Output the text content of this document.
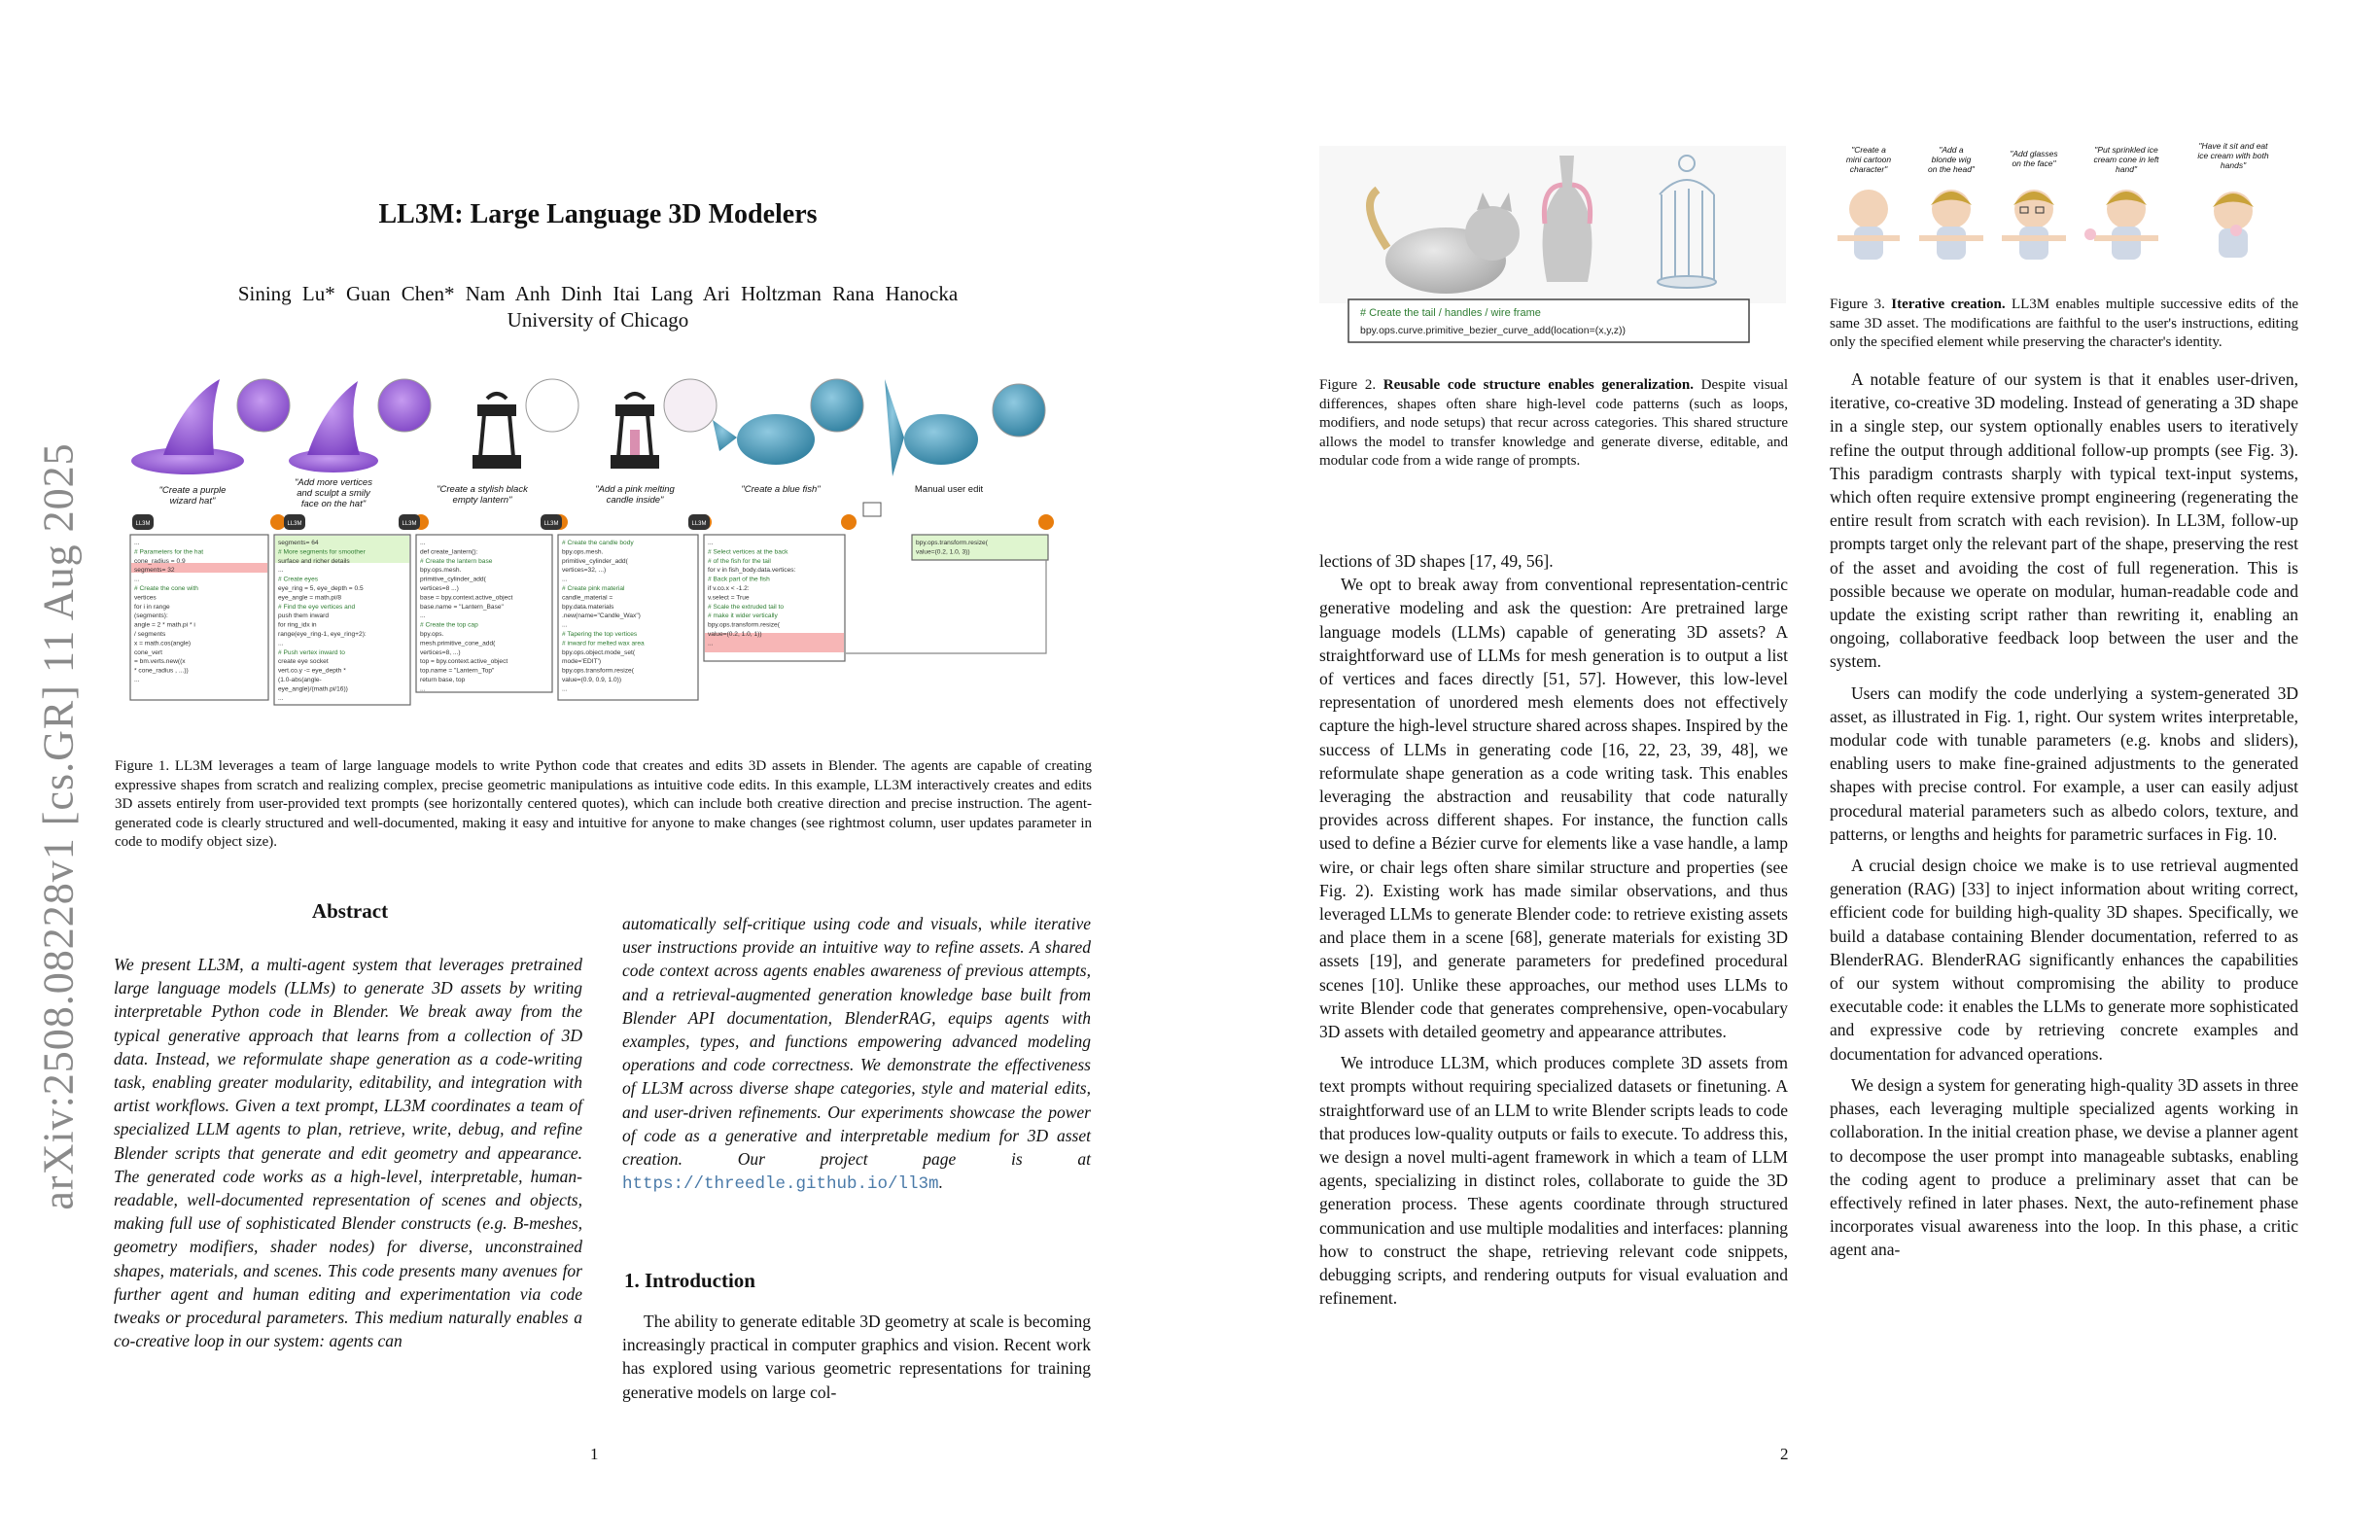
arXiv:2508.08228v1 [cs.GR] 11 Aug 2025
LL3M: Large Language 3D Modelers
Sining Lu* Guan Chen* Nam Anh Dinh Itai Lang Ari Holtzman Rana Hanocka
University of Chicago
"Create a purple
wizard hat"
"Add more vertices
and sculpt a smily
face on the hat"
"Create a stylish black
empty lantern"
"Add a pink melting
candle inside"
"Create a blue fish"	Manual user edit
LL3M	LL3M	LL3M	LL3M	LL3M
...
# Parameters for the hat
cone_radius = 0.9
segments= 32
...
# Create the cone with
vertices
for i in range
(segments):
angle = 2 * math.pi * i
/ segments
x = math.cos(angle)
cone_vert
= bm.verts.new((x
* cone_radius , ...))
...
segments= 64
# More segments for smoother
surface and richer details
...
# Create eyes
eye_ring = 5, eye_depth = 0.5
eye_angle = math.pi/8
# Find the eye vertices and
push them inward
for ring_idx in
range(eye_ring-1, eye_ring+2):
...
# Push vertex inward to
create eye socket
vert.co.y -= eye_depth *
(1.0-abs(angle-
eye_angle)/(math.pi/16))
...
...
def create_lantern():
# Create the lantern base
bpy.ops.mesh.
primitive_cylinder_add(
vertices=8 ...)
base = bpy.context.active_object
base.name = "Lantern_Base"
...
# Create the top cap
bpy.ops.
mesh.primitive_cone_add(
vertices=8, ...)
top = bpy.context.active_object
top.name = "Lantern_Top"
return base, top
...
# Create the candle body
bpy.ops.mesh.
primitive_cylinder_add(
vertices=32, ...)
...
# Create pink material
candle_material =
bpy.data.materials
.new(name="Candle_Wax")
...
# Tapering the top vertices
# inward for melted wax area
bpy.ops.object.mode_set(
mode='EDIT')
bpy.ops.transform.resize(
value=(0.9, 0.9, 1.0))
...
...
# Select vertices at the back
# of the fish for the tail
for v in fish_body.data.vertices:
# Back part of the fish
if v.co.x < -1.2:
v.select = True
# Scale the extruded tail to
# make it wider vertically
bpy.ops.transform.resize(
value=(0.2, 1.0, 1))
...
bpy.ops.transform.resize(
value=(0.2, 1.0, 3))
Figure 1. LL3M leverages a team of large language models to write Python code that creates and edits 3D assets in Blender. The agents are capable of creating expressive shapes from scratch and realizing complex, precise geometric manipulations as intuitive code edits. In this example, LL3M interactively creates and edits 3D assets entirely from user-provided text prompts (see horizontally centered quotes), which can include both creative direction and precise instruction. The agent-generated code is clearly structured and well-documented, making it easy and intuitive for anyone to make changes (see rightmost column, user updates parameter in code to modify object size).
Abstract
We present LL3M, a multi-agent system that leverages pretrained large language models (LLMs) to generate 3D assets by writing interpretable Python code in Blender. We break away from the typical generative approach that learns from a collection of 3D data. Instead, we reformulate shape generation as a code-writing task, enabling greater modularity, editability, and integration with artist workflows. Given a text prompt, LL3M coordinates a team of specialized LLM agents to plan, retrieve, write, debug, and refine Blender scripts that generate and edit geometry and appearance. The generated code works as a high-level, interpretable, human-readable, well-documented representation of scenes and objects, making full use of sophisticated Blender constructs (e.g. B-meshes, geometry modifiers, shader nodes) for diverse, unconstrained shapes, materials, and scenes. This code presents many avenues for further agent and human editing and experimentation via code tweaks or procedural parameters. This medium naturally enables a co-creative loop in our system: agents can
automatically self-critique using code and visuals, while iterative user instructions provide an intuitive way to refine assets. A shared code context across agents enables awareness of previous attempts, and a retrieval-augmented generation knowledge base built from Blender API documentation, BlenderRAG, equips agents with examples, types, and functions empowering advanced modeling operations and code correctness. We demonstrate the effectiveness of LL3M across diverse shape categories, style and material edits, and user-driven refinements. Our experiments showcase the power of code as a generative and interpretable medium for 3D asset creation. Our project page is at https://threedle.github.io/ll3m.
1. Introduction

The ability to generate editable 3D geometry at scale is becoming increasingly practical in computer graphics and vision. Recent work has explored using various geometric representations for training generative models on large col-

1
# Create the tail / handles / wire frame
bpy.ops.curve.primitive_bezier_curve_add(location=(x,y,z))
Figure 2. Reusable code structure enables generalization. Despite visual differences, shapes often share high-level code patterns (such as loops, modifiers, and node setups) that recur across categories. This shared structure allows the model to transfer knowledge and generate diverse, editable, and modular code from a wide range of prompts.
"Create a
mini cartoon
character"
"Add a
blonde wig
on the head"
"Add glasses
on the face"
"Put sprinkled ice
cream cone in left
hand"
"Have it sit and eat
ice cream with both
hands"
Figure 3. Iterative creation. LL3M enables multiple successive edits of the same 3D asset. The modifications are faithful to the user's instructions, editing only the specified element while preserving the character's identity.

lections of 3D shapes [17, 49, 56].

We opt to break away from conventional representation-centric generative modeling and ask the question: Are pretrained large language models (LLMs) capable of generating 3D assets? A straightforward use of LLMs for mesh generation is to output a list of vertices and faces directly [51, 57]. However, this low-level representation of unordered mesh elements does not effectively capture the high-level structure shared across shapes. Inspired by the success of LLMs in generating code [16, 22, 23, 39, 48], we reformulate shape generation as a code writing task. This enables leveraging the abstraction and reusability that code naturally provides across different shapes. For instance, the function calls used to define a Bézier curve for elements like a vase handle, a lamp wire, or chair legs often share similar structure and properties (see Fig. 2). Existing work has made similar observations, and thus leveraged LLMs to generate Blender code: to retrieve existing assets and place them in a scene [68], generate materials for existing 3D assets [19], and generate parameters for predefined procedural scenes [10]. Unlike these approaches, our method uses LLMs to write Blender code that generates comprehensive, open-vocabulary 3D assets with detailed geometry and appearance attributes.

We introduce LL3M, which produces complete 3D assets from text prompts without requiring specialized datasets or finetuning. A straightforward use of an LLM to write Blender scripts leads to code that produces low-quality outputs or fails to execute. To address this, we design a novel multi-agent framework in which a team of LLM agents, specializing in distinct roles, collaborate to guide the 3D generation process. These agents coordinate through structured communication and use multiple modalities and interfaces: planning how to construct the shape, retrieving relevant code snippets, debugging scripts, and rendering outputs for visual evaluation and refinement.

A notable feature of our system is that it enables user-driven, iterative, co-creative 3D modeling. Instead of generating a 3D shape in a single step, our system optionally enables users to iteratively refine the output through additional follow-up prompts (see Fig. 3). This paradigm contrasts sharply with typical text-input systems, which often require extensive prompt engineering (regenerating the entire result from scratch with each revision). In LL3M, follow-up prompts target only the relevant part of the shape, preserving the rest of the asset and avoiding the cost of full regeneration. This is possible because we operate on modular, human-readable code and update the existing script rather than rewriting it, enabling an ongoing, collaborative feedback loop between the user and the system.

Users can modify the code underlying a system-generated 3D asset, as illustrated in Fig. 1, right. Our system writes interpretable, modular code with tunable parameters (e.g. knobs and sliders), enabling users to make fine-grained adjustments to the generated shapes with precise control. For example, a user can easily adjust procedural material parameters such as albedo colors, texture, and patterns, or lengths and heights for parametric surfaces in Fig. 10.

A crucial design choice we make is to use retrieval augmented generation (RAG) [33] to inject information about writing correct, efficient code for building high-quality 3D shapes. Specifically, we build a database containing Blender documentation, referred to as BlenderRAG. BlenderRAG significantly enhances the capabilities of our system without compromising the ability to produce executable code: it enables the LLMs to generate more sophisticated and expressive code by retrieving concrete examples and documentation for advanced operations.

We design a system for generating high-quality 3D assets in three phases, each leveraging multiple specialized agents working in collaboration. In the initial creation phase, we devise a planner agent to decompose the user prompt into manageable subtasks, enabling the coding agent to produce a preliminary asset that can be effectively refined in later phases. Next, the auto-refinement phase incorporates visual awareness into the loop. In this phase, a critic agent ana-

2
